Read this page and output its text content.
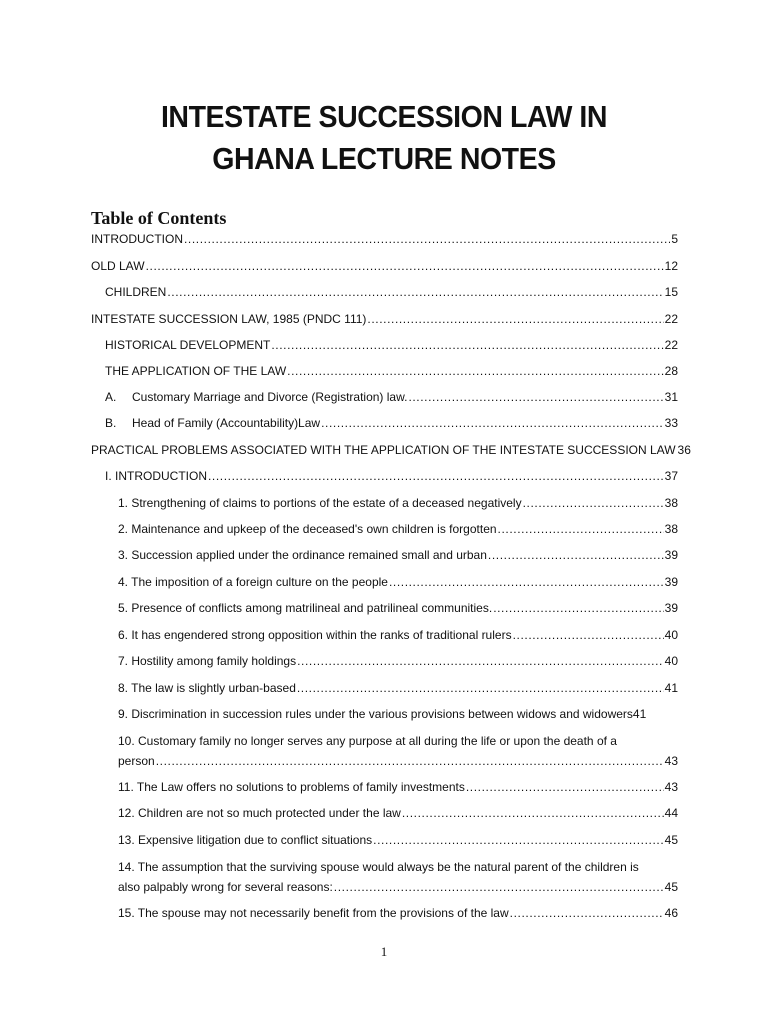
INTESTATE SUCCESSION LAW IN
GHANA LECTURE NOTES
Table of Contents
INTRODUCTION .....	5
OLD LAW .....	12
CHILDREN .....	15
INTESTATE SUCCESSION LAW, 1985 (PNDC 111) .....	22
HISTORICAL DEVELOPMENT .....	22
THE APPLICATION OF THE LAW .....	28
A.	Customary Marriage and Divorce (Registration) law. .....	31
B.	Head of Family (Accountability)Law .....	33
PRACTICAL PROBLEMS ASSOCIATED WITH THE APPLICATION OF THE INTESTATE SUCCESSION LAW 36
I. INTRODUCTION .....	37
1. Strengthening of claims to portions of the estate of a deceased negatively .....	38
2. Maintenance and upkeep of the deceased's own children is forgotten .....	38
3. Succession applied under the ordinance remained small and urban .....	39
4. The imposition of a foreign culture on the people .....	39
5. Presence of conflicts among matrilineal and patrilineal communities. .....	39
6. It has engendered strong opposition within the ranks of traditional rulers .....	40
7. Hostility among family holdings .....	40
8. The law is slightly urban-based .....	41
9. Discrimination in succession rules under the various provisions between widows and widowers 41
10. Customary family no longer serves any purpose at all during the life or upon the death of a
person .....	43
11. The Law offers no solutions to problems of family investments .....	43
12. Children are not so much protected under the law .....	44
13. Expensive litigation due to conflict situations .....	45
14. The assumption that the surviving spouse would always be the natural parent of the children is
also palpably wrong for several reasons: .....	45
15. The spouse may not necessarily benefit from the provisions of the law .....	46
1
